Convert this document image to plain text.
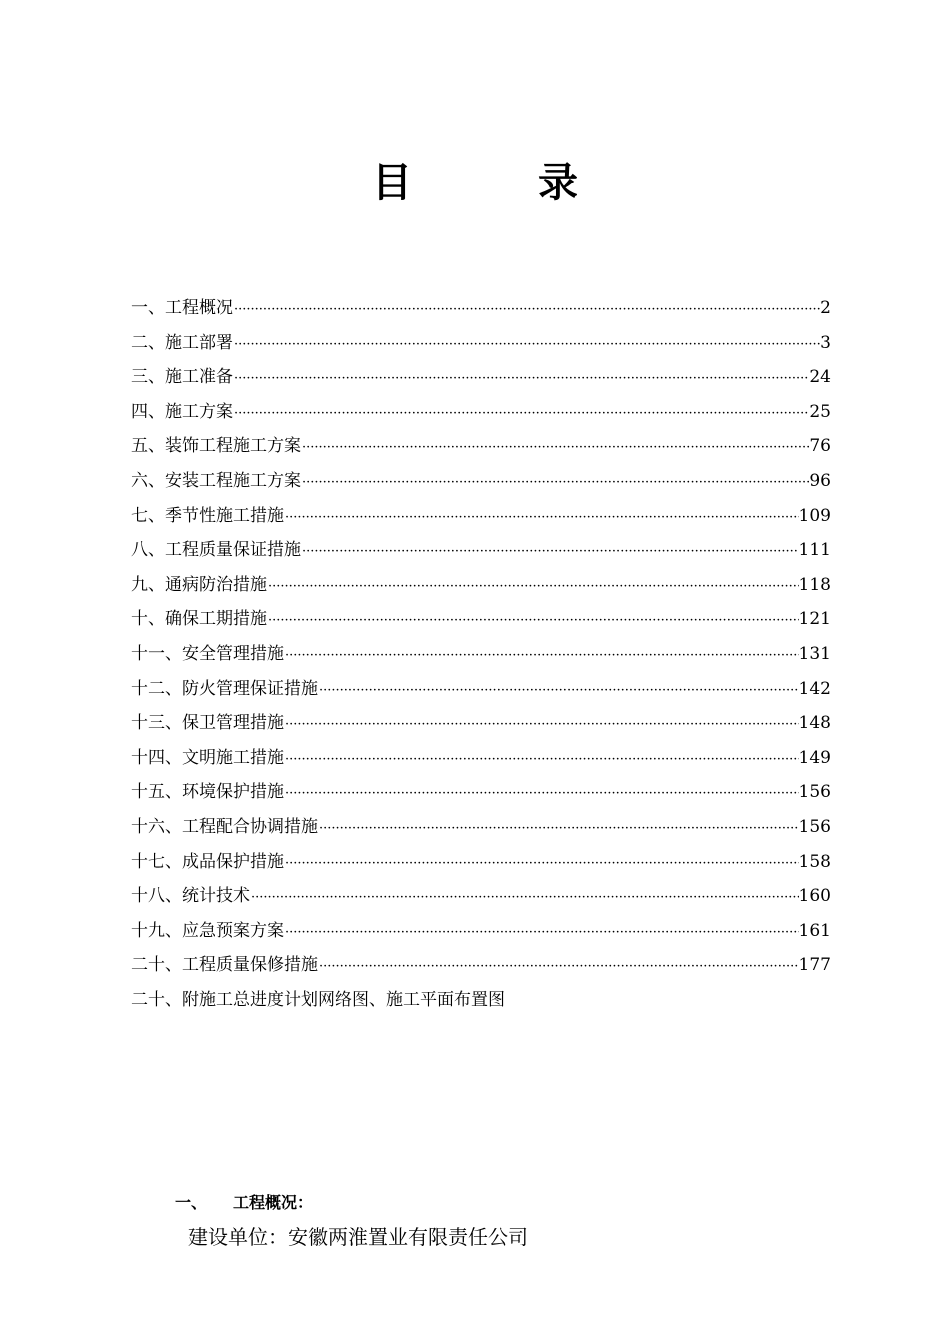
目 录
一、工程概况 ·····	2
二、施工部署 ·····	3
三、施工准备 ·····	24
四、施工方案 ·····	25
五、装饰工程施工方案 ·····	76
六、安装工程施工方案 ·····	96
七、季节性施工措施 ·····	109
八、工程质量保证措施 ·····	111
九、通病防治措施 ·····	118
十、确保工期措施 ·····	121
十一、安全管理措施 ·····	131
十二、防火管理保证措施 ·····	142
十三、保卫管理措施 ·····	148
十四、文明施工措施 ·····	149
十五、环境保护措施 ·····	156
十六、工程配合协调措施 ·····	156
十七、成品保护措施 ·····	158
十八、统计技术 ·····	160
十九、应急预案方案 ·····	161
二十、工程质量保修措施 ·····	177
二十、附施工总进度计划网络图、施工平面布置图
一、 工程概况：
建设单位：安徽两淮置业有限责任公司
